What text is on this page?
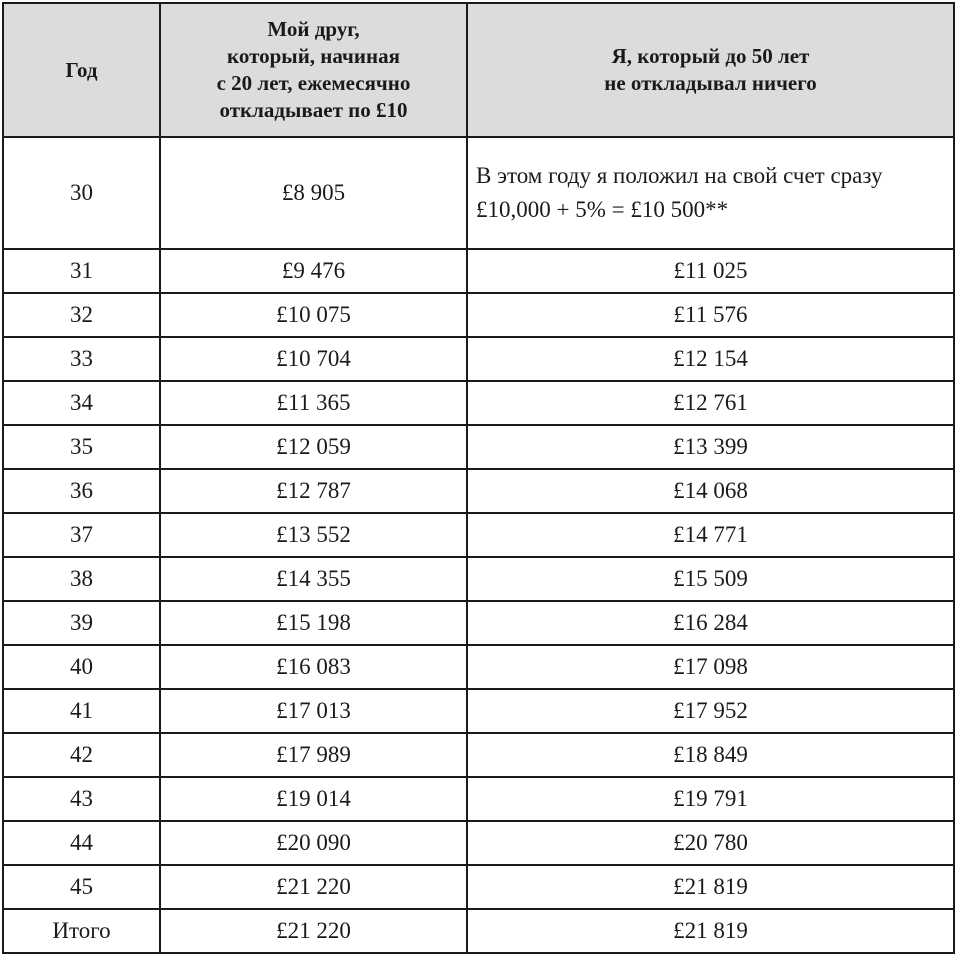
Год	Мой друг,
который, начиная
с 20 лет, ежемесячно
откладывает по £10	Я, который до 50 лет
не откладывал ничего

30	£8 905	В этом году я положил на свой счет сразу
£10,000 + 5% = £10 500**

31	£9 476	£11 025
32	£10 075	£11 576
33	£10 704	£12 154
34	£11 365	£12 761
35	£12 059	£13 399
36	£12 787	£14 068
37	£13 552	£14 771
38	£14 355	£15 509
39	£15 198	£16 284
40	£16 083	£17 098
41	£17 013	£17 952
42	£17 989	£18 849
43	£19 014	£19 791
44	£20 090	£20 780
45	£21 220	£21 819
Итого	£21 220	£21 819
